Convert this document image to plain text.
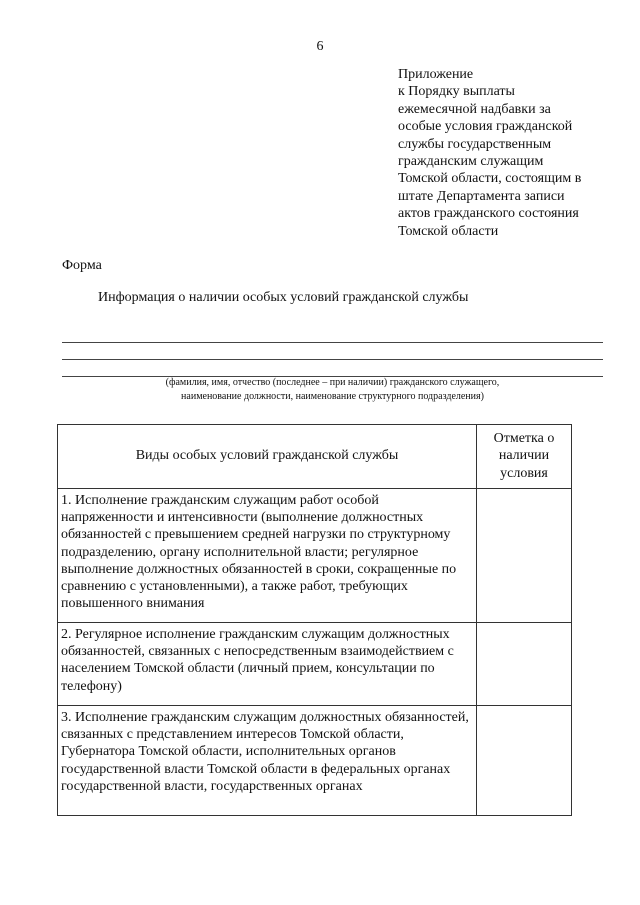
6
Приложение
к Порядку выплаты
ежемесячной надбавки за
особые условия гражданской
службы государственным
гражданским служащим
Томской области, состоящим в
штате Департамента записи
актов гражданского состояния
Томской области
Форма
Информация о наличии особых условий гражданской службы
(фамилия, имя, отчество (последнее – при наличии) гражданского служащего,
наименование должности, наименование структурного подразделения)
Виды особых условий гражданской службы	Отметка о наличии условия
1. Исполнение гражданским служащим работ особой напряженности и интенсивности (выполнение должностных обязанностей с превышением средней нагрузки по структурному подразделению, органу исполнительной власти; регулярное выполнение должностных обязанностей в сроки, сокращенные по сравнению с установленными), а также работ, требующих повышенного внимания	
2. Регулярное исполнение гражданским служащим должностных обязанностей, связанных с непосредственным взаимодействием с населением Томской области (личный прием, консультации по телефону)	
3. Исполнение гражданским служащим должностных обязанностей, связанных с представлением интересов Томской области, Губернатора Томской области, исполнительных органов государственной власти Томской области в федеральных органах государственной власти, государственных органах	
